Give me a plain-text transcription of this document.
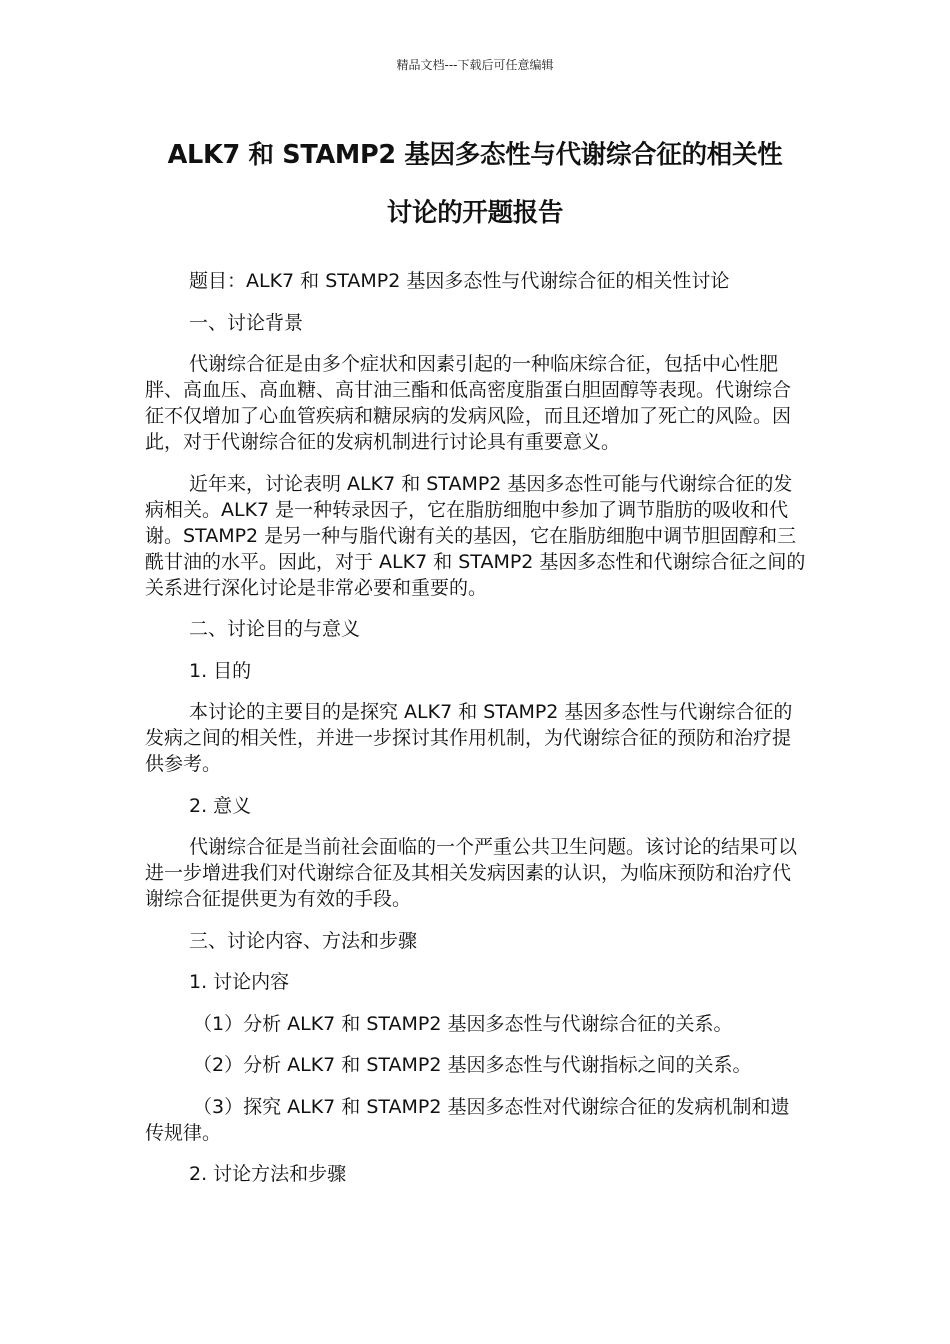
精品文档---下载后可任意编辑
ALK7 和 STAMP2 基因多态性与代谢综合征的相关性
讨论的开题报告

题目：ALK7 和 STAMP2 基因多态性与代谢综合征的相关性讨论

一、讨论背景

代谢综合征是由多个症状和因素引起的一种临床综合征，包括中心性肥胖、高血压、高血糖、高甘油三酯和低高密度脂蛋白胆固醇等表现。代谢综合征不仅增加了心血管疾病和糖尿病的发病风险，而且还增加了死亡的风险。因此，对于代谢综合征的发病机制进行讨论具有重要意义。

近年来，讨论表明 ALK7 和 STAMP2 基因多态性可能与代谢综合征的发病相关。ALK7 是一种转录因子，它在脂肪细胞中参加了调节脂肪的吸收和代谢。STAMP2 是另一种与脂代谢有关的基因，它在脂肪细胞中调节胆固醇和三酰甘油的水平。因此，对于 ALK7 和 STAMP2 基因多态性和代谢综合征之间的关系进行深化讨论是非常必要和重要的。

二、讨论目的与意义

1. 目的

本讨论的主要目的是探究 ALK7 和 STAMP2 基因多态性与代谢综合征的发病之间的相关性，并进一步探讨其作用机制，为代谢综合征的预防和治疗提供参考。

2. 意义

代谢综合征是当前社会面临的一个严重公共卫生问题。该讨论的结果可以进一步增进我们对代谢综合征及其相关发病因素的认识，为临床预防和治疗代谢综合征提供更为有效的手段。

三、讨论内容、方法和步骤

1. 讨论内容

（1）分析 ALK7 和 STAMP2 基因多态性与代谢综合征的关系。

（2）分析 ALK7 和 STAMP2 基因多态性与代谢指标之间的关系。

（3）探究 ALK7 和 STAMP2 基因多态性对代谢综合征的发病机制和遗传规律。

2. 讨论方法和步骤
